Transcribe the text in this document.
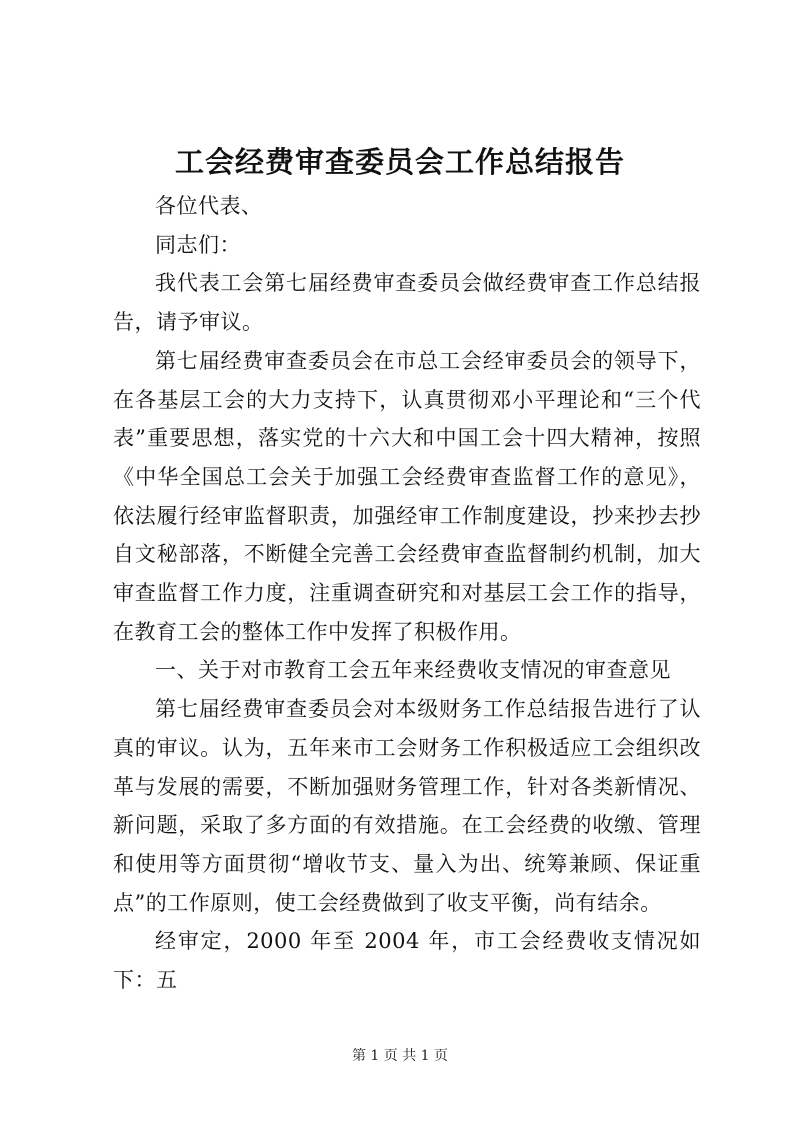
工会经费审查委员会工作总结报告

各位代表、

同志们：

我代表工会第七届经费审查委员会做经费审查工作总结报告，请予审议。

第七届经费审查委员会在市总工会经审委员会的领导下，在各基层工会的大力支持下，认真贯彻邓小平理论和“三个代表”重要思想，落实党的十六大和中国工会十四大精神，按照《中华全国总工会关于加强工会经费审查监督工作的意见》，依法履行经审监督职责，加强经审工作制度建设，抄来抄去抄自文秘部落，不断健全完善工会经费审查监督制约机制，加大审查监督工作力度，注重调查研究和对基层工会工作的指导，在教育工会的整体工作中发挥了积极作用。

一、关于对市教育工会五年来经费收支情况的审查意见

第七届经费审查委员会对本级财务工作总结报告进行了认真的审议。认为，五年来市工会财务工作积极适应工会组织改革与发展的需要，不断加强财务管理工作，针对各类新情况、新问题，采取了多方面的有效措施。在工会经费的收缴、管理和使用等方面贯彻“增收节支、量入为出、统筹兼顾、保证重点”的工作原则，使工会经费做到了收支平衡，尚有结余。

经审定，2000 年至 2004 年，市工会经费收支情况如下：五

第 1 页 共 1 页
